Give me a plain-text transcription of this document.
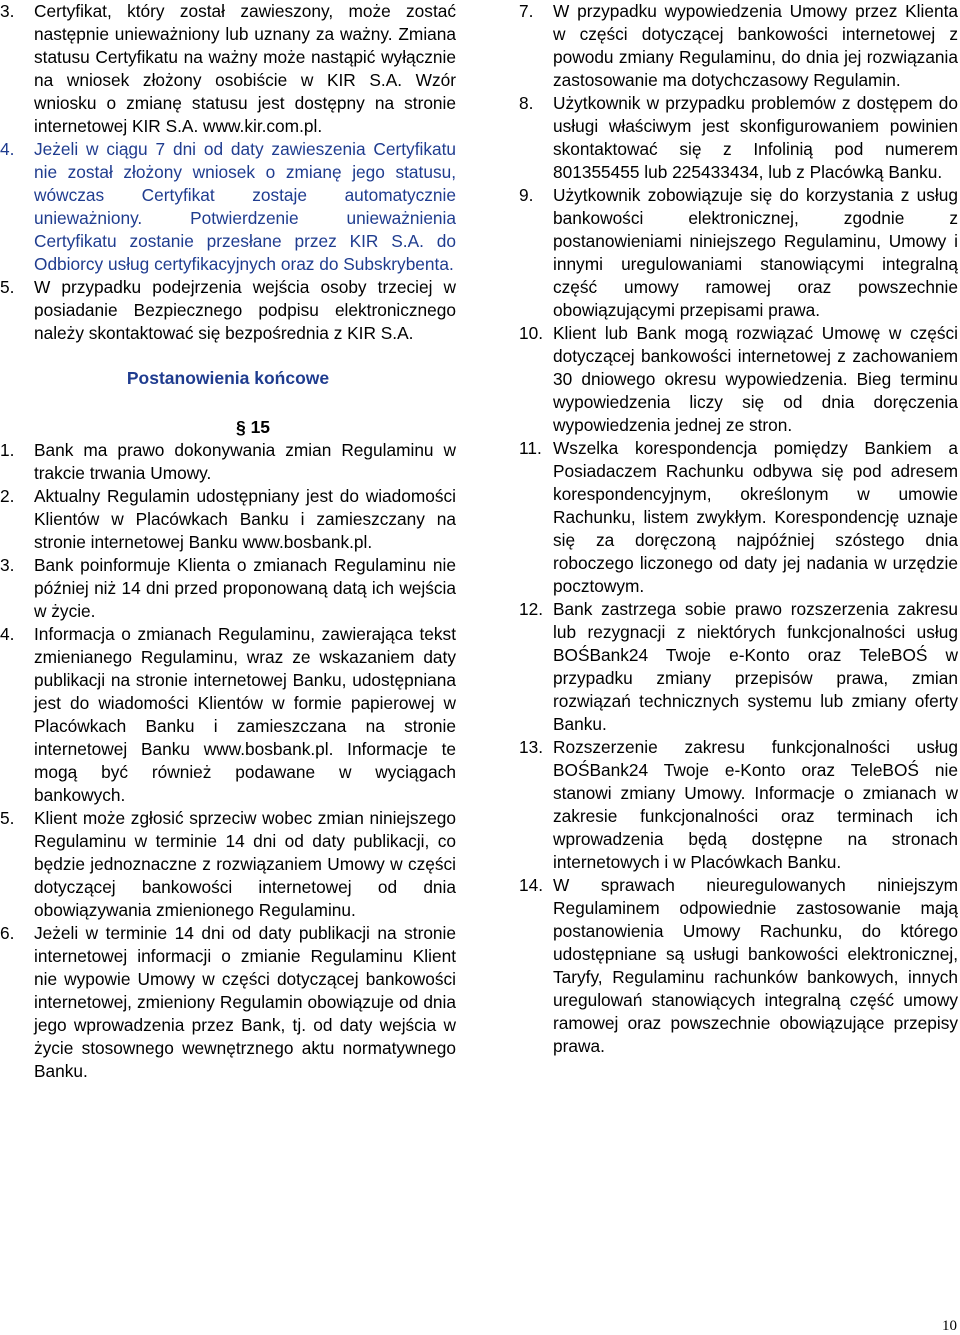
3. Certyfikat, który został zawieszony, może zostać następnie unieważniony lub uznany za ważny. Zmiana statusu Certyfikatu na ważny może nastąpić wyłącznie na wniosek złożony osobiście w KIR S.A. Wzór wniosku o zmianę statusu jest dostępny na stronie internetowej KIR S.A. www.kir.com.pl.
4. Jeżeli w ciągu 7 dni od daty zawieszenia Certyfikatu nie został złożony wniosek o zmianę jego statusu, wówczas Certyfikat zostaje automatycznie unieważniony. Potwierdzenie unieważnienia Certyfikatu zostanie przesłane przez KIR S.A. do Odbiorcy usług certyfikacyjnych oraz do Subskrybenta.
5. W przypadku podejrzenia wejścia osoby trzeciej w posiadanie Bezpiecznego podpisu elektronicznego należy skontaktować się bezpośrednia z KIR S.A.
Postanowienia końcowe
§ 15
1. Bank ma prawo dokonywania zmian Regulaminu w trakcie trwania Umowy.
2. Aktualny Regulamin udostępniany jest do wiadomości Klientów w Placówkach Banku i zamieszczany na stronie internetowej Banku www.bosbank.pl.
3. Bank poinformuje Klienta o zmianach Regulaminu nie później niż 14 dni przed proponowaną datą ich wejścia w życie.
4. Informacja o zmianach Regulaminu, zawierająca tekst zmienianego Regulaminu, wraz ze wskazaniem daty publikacji na stronie internetowej Banku, udostępniana jest do wiadomości Klientów w formie papierowej w Placówkach Banku i zamieszczana na stronie internetowej Banku www.bosbank.pl. Informacje te mogą być również podawane w wyciągach bankowych.
5. Klient może zgłosić sprzeciw wobec zmian niniejszego Regulaminu w terminie 14 dni od daty publikacji, co będzie jednoznaczne z rozwiązaniem Umowy w części dotyczącej bankowości internetowej od dnia obowiązywania zmienionego Regulaminu.
6. Jeżeli w terminie 14 dni od daty publikacji na stronie internetowej informacji o zmianie Regulaminu Klient nie wypowie Umowy w części dotyczącej bankowości internetowej, zmieniony Regulamin obowiązuje od dnia jego wprowadzenia przez Bank, tj. od daty wejścia w życie stosownego wewnętrznego aktu normatywnego Banku.
7. W przypadku wypowiedzenia Umowy przez Klienta w części dotyczącej bankowości internetowej z powodu zmiany Regulaminu, do dnia jej rozwiązania zastosowanie ma dotychczasowy Regulamin.
8. Użytkownik w przypadku problemów z dostępem do usługi właściwym jest skonfigurowaniem powinien skontaktować się z Infolinią pod numerem 801355455 lub 225433434, lub z Placówką Banku.
9. Użytkownik zobowiązuje się do korzystania z usług bankowości elektronicznej, zgodnie z postanowieniami niniejszego Regulaminu, Umowy i innymi uregulowaniami stanowiącymi integralną część umowy ramowej oraz powszechnie obowiązującymi przepisami prawa.
10. Klient lub Bank mogą rozwiązać Umowę w części dotyczącej bankowości internetowej z zachowaniem 30 dniowego okresu wypowiedzenia. Bieg terminu wypowiedzenia liczy się od dnia doręczenia wypowiedzenia jednej ze stron.
11. Wszelka korespondencja pomiędzy Bankiem a Posiadaczem Rachunku odbywa się pod adresem korespondencyjnym, określonym w umowie Rachunku, listem zwykłym. Korespondencję uznaje się za doręczoną najpóźniej szóstego dnia roboczego liczonego od daty jej nadania w urzędzie pocztowym.
12. Bank zastrzega sobie prawo rozszerzenia zakresu lub rezygnacji z niektórych funkcjonalności usług BOŚBank24 Twoje e-Konto oraz TeleBOŚ w przypadku zmiany przepisów prawa, zmian rozwiązań technicznych systemu lub zmiany oferty Banku.
13. Rozszerzenie zakresu funkcjonalności usług BOŚBank24 Twoje e-Konto oraz TeleBOŚ nie stanowi zmiany Umowy. Informacje o zmianach w zakresie funkcjonalności oraz terminach ich wprowadzenia będą dostępne na stronach internetowych i w Placówkach Banku.
14. W sprawach nieuregulowanych niniejszym Regulaminem odpowiednie zastosowanie mają postanowienia Umowy Rachunku, do którego udostępniane są usługi bankowości elektronicznej, Taryfy, Regulaminu rachunków bankowych, innych uregulowań stanowiących integralną część umowy ramowej oraz powszechnie obowiązujące przepisy prawa.
10
